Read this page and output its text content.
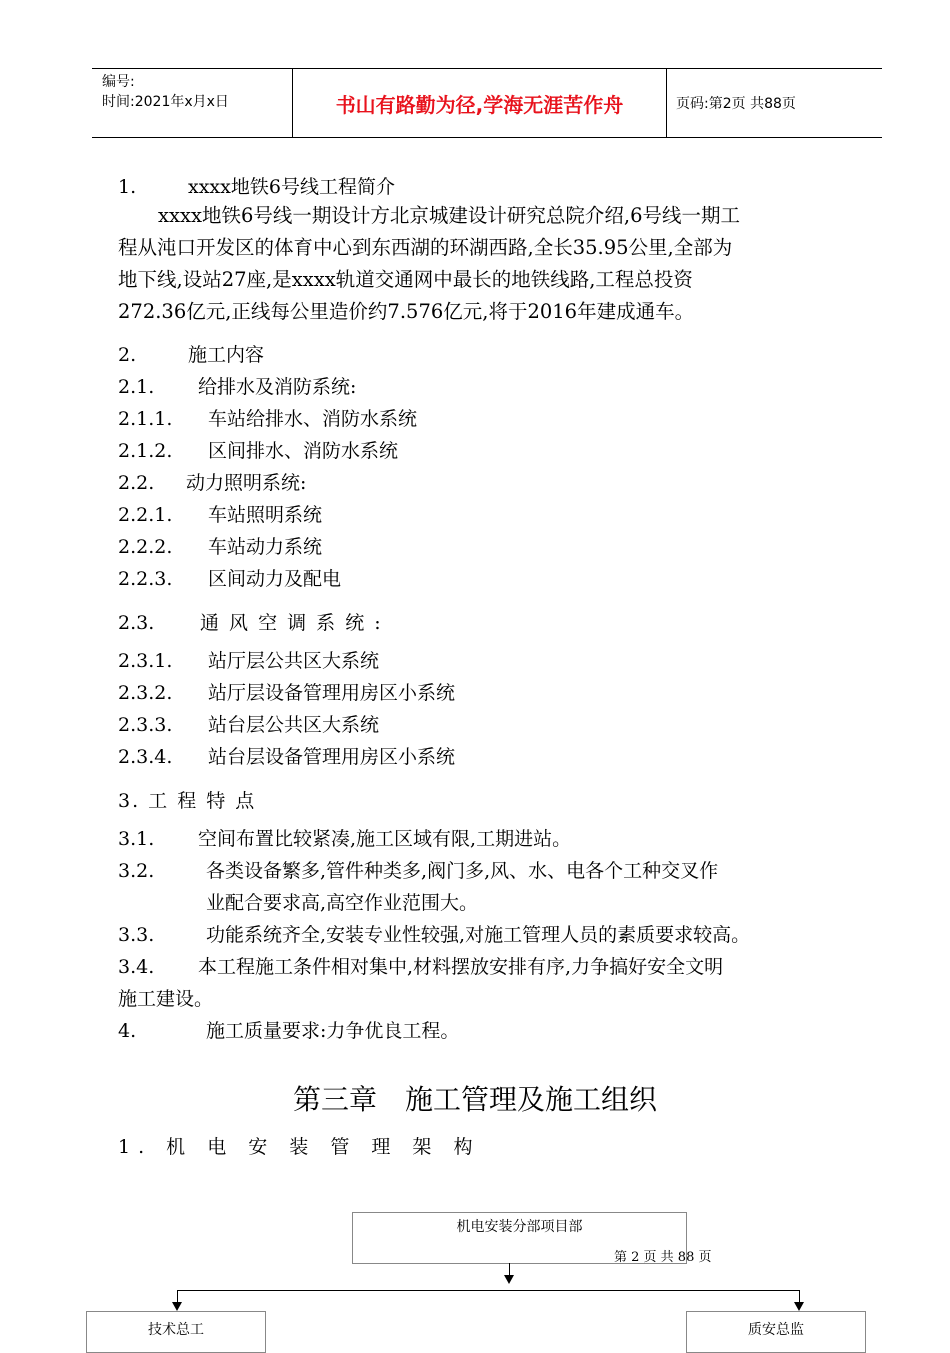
编号:
时间:2021年x月x日	书山有路勤为径,学海无涯苦作舟	页码:第2页 共88页
1.	xxxx地铁6号线工程简介
xxxx地铁6号线一期设计方北京城建设计研究总院介绍,6号线一期工
程从沌口开发区的体育中心到东西湖的环湖西路,全长35.95公里,全部为
地下线,设站27座,是xxxx轨道交通网中最长的地铁线路,工程总投资
272.36亿元,正线每公里造价约7.576亿元,将于2016年建成通车。
2.	施工内容
2.1. 给排水及消防系统:
2.1.1. 车站给排水、消防水系统
2.1.2. 区间排水、消防水系统
2.2. 动力照明系统:
2.2.1. 车站照明系统
2.2.2. 车站动力系统
2.2.3. 区间动力及配电
2.3. 通 风 空 调 系 统 :
2.3.1. 站厅层公共区大系统
2.3.2. 站厅层设备管理用房区小系统
2.3.3. 站台层公共区大系统
2.3.4. 站台层设备管理用房区小系统
3. 工 程 特 点
3.1. 空间布置比较紧凑,施工区域有限,工期进站。
3.2.	各类设备繁多,管件种类多,阀门多,风、水、电各个工种交叉作
业配合要求高,高空作业范围大。
3.3.	功能系统齐全,安装专业性较强,对施工管理人员的素质要求较高。
3.4. 本工程施工条件相对集中,材料摆放安排有序,力争搞好安全文明
施工建设。
4.	施工质量要求:力争优良工程。
第三章　施工管理及施工组织
1. 机 电 安 装 管 理 架 构
机电安装分部项目部
第 2 页 共 88 页
技术总工	质安总监
